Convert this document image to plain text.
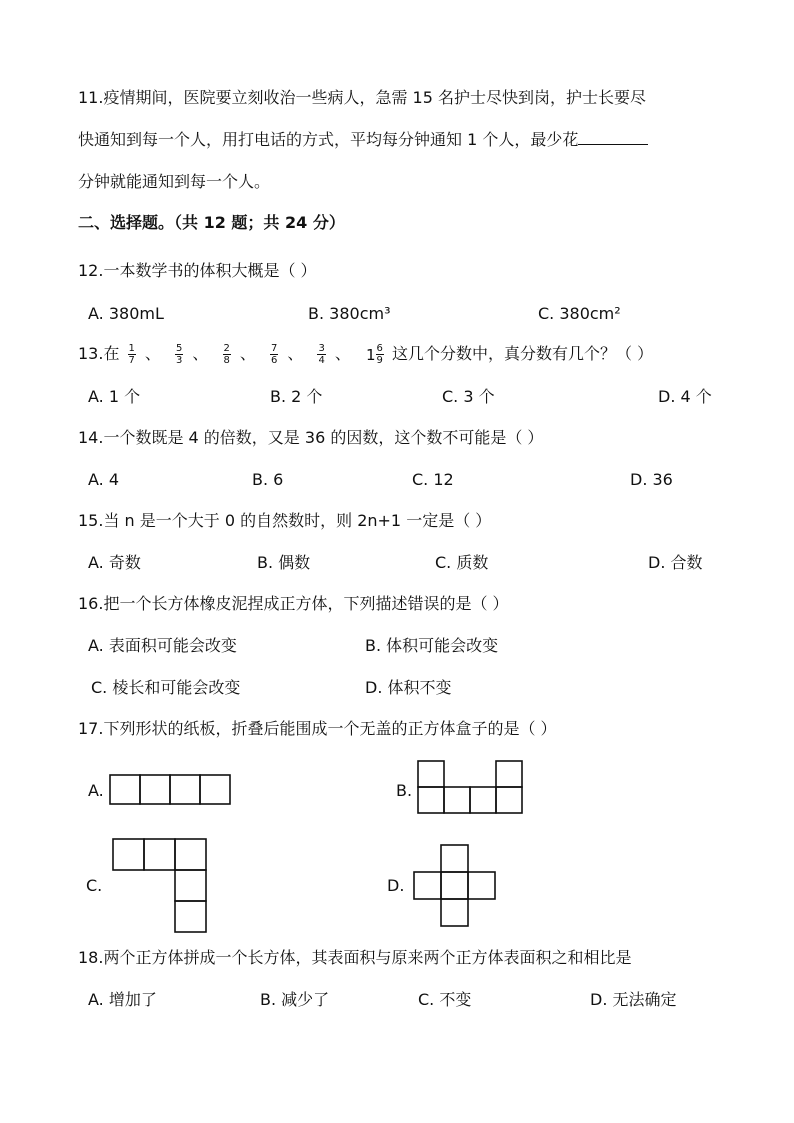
11.疫情期间，医院要立刻收治一些病人，急需 15 名护士尽快到岗，护士长要尽
快通知到每一个人，用打电话的方式，平均每分钟通知 1 个人，最少花
分钟就能通知到每一个人。
二、选择题。（共 12 题；共 24 分）
12.一本数学书的体积大概是（ ）
A. 380mL	B. 380cm³	C. 380cm²
13.在 $\frac{1}{7}$ 、 $\frac{5}{3}$ 、 $\frac{2}{8}$ 、 $\frac{7}{6}$ 、 $\frac{3}{4}$ 、 $1 \frac{6}{9}$ 这几个分数中，真分数有几个？（ ）
A. 1 个	B. 2 个	C. 3 个	D. 4 个
14.一个数既是 4 的倍数，又是 36 的因数，这个数不可能是（ ）
A. 4	B. 6	C. 12	D. 36
15.当 n 是一个大于 0 的自然数时，则 2n+1 一定是（ ）
A. 奇数	B. 偶数	C. 质数	D. 合数
16.把一个长方体橡皮泥捏成正方体，下列描述错误的是（ ）
A. 表面积可能会改变	B. 体积可能会改变
C. 棱长和可能会改变	D. 体积不变
17.下列形状的纸板，折叠后能围成一个无盖的正方体盒子的是（ ）
A.	B.
C.	D.
18.两个正方体拼成一个长方体，其表面积与原来两个正方体表面积之和相比是
A. 增加了	B. 减少了	C. 不变	D. 无法确定
